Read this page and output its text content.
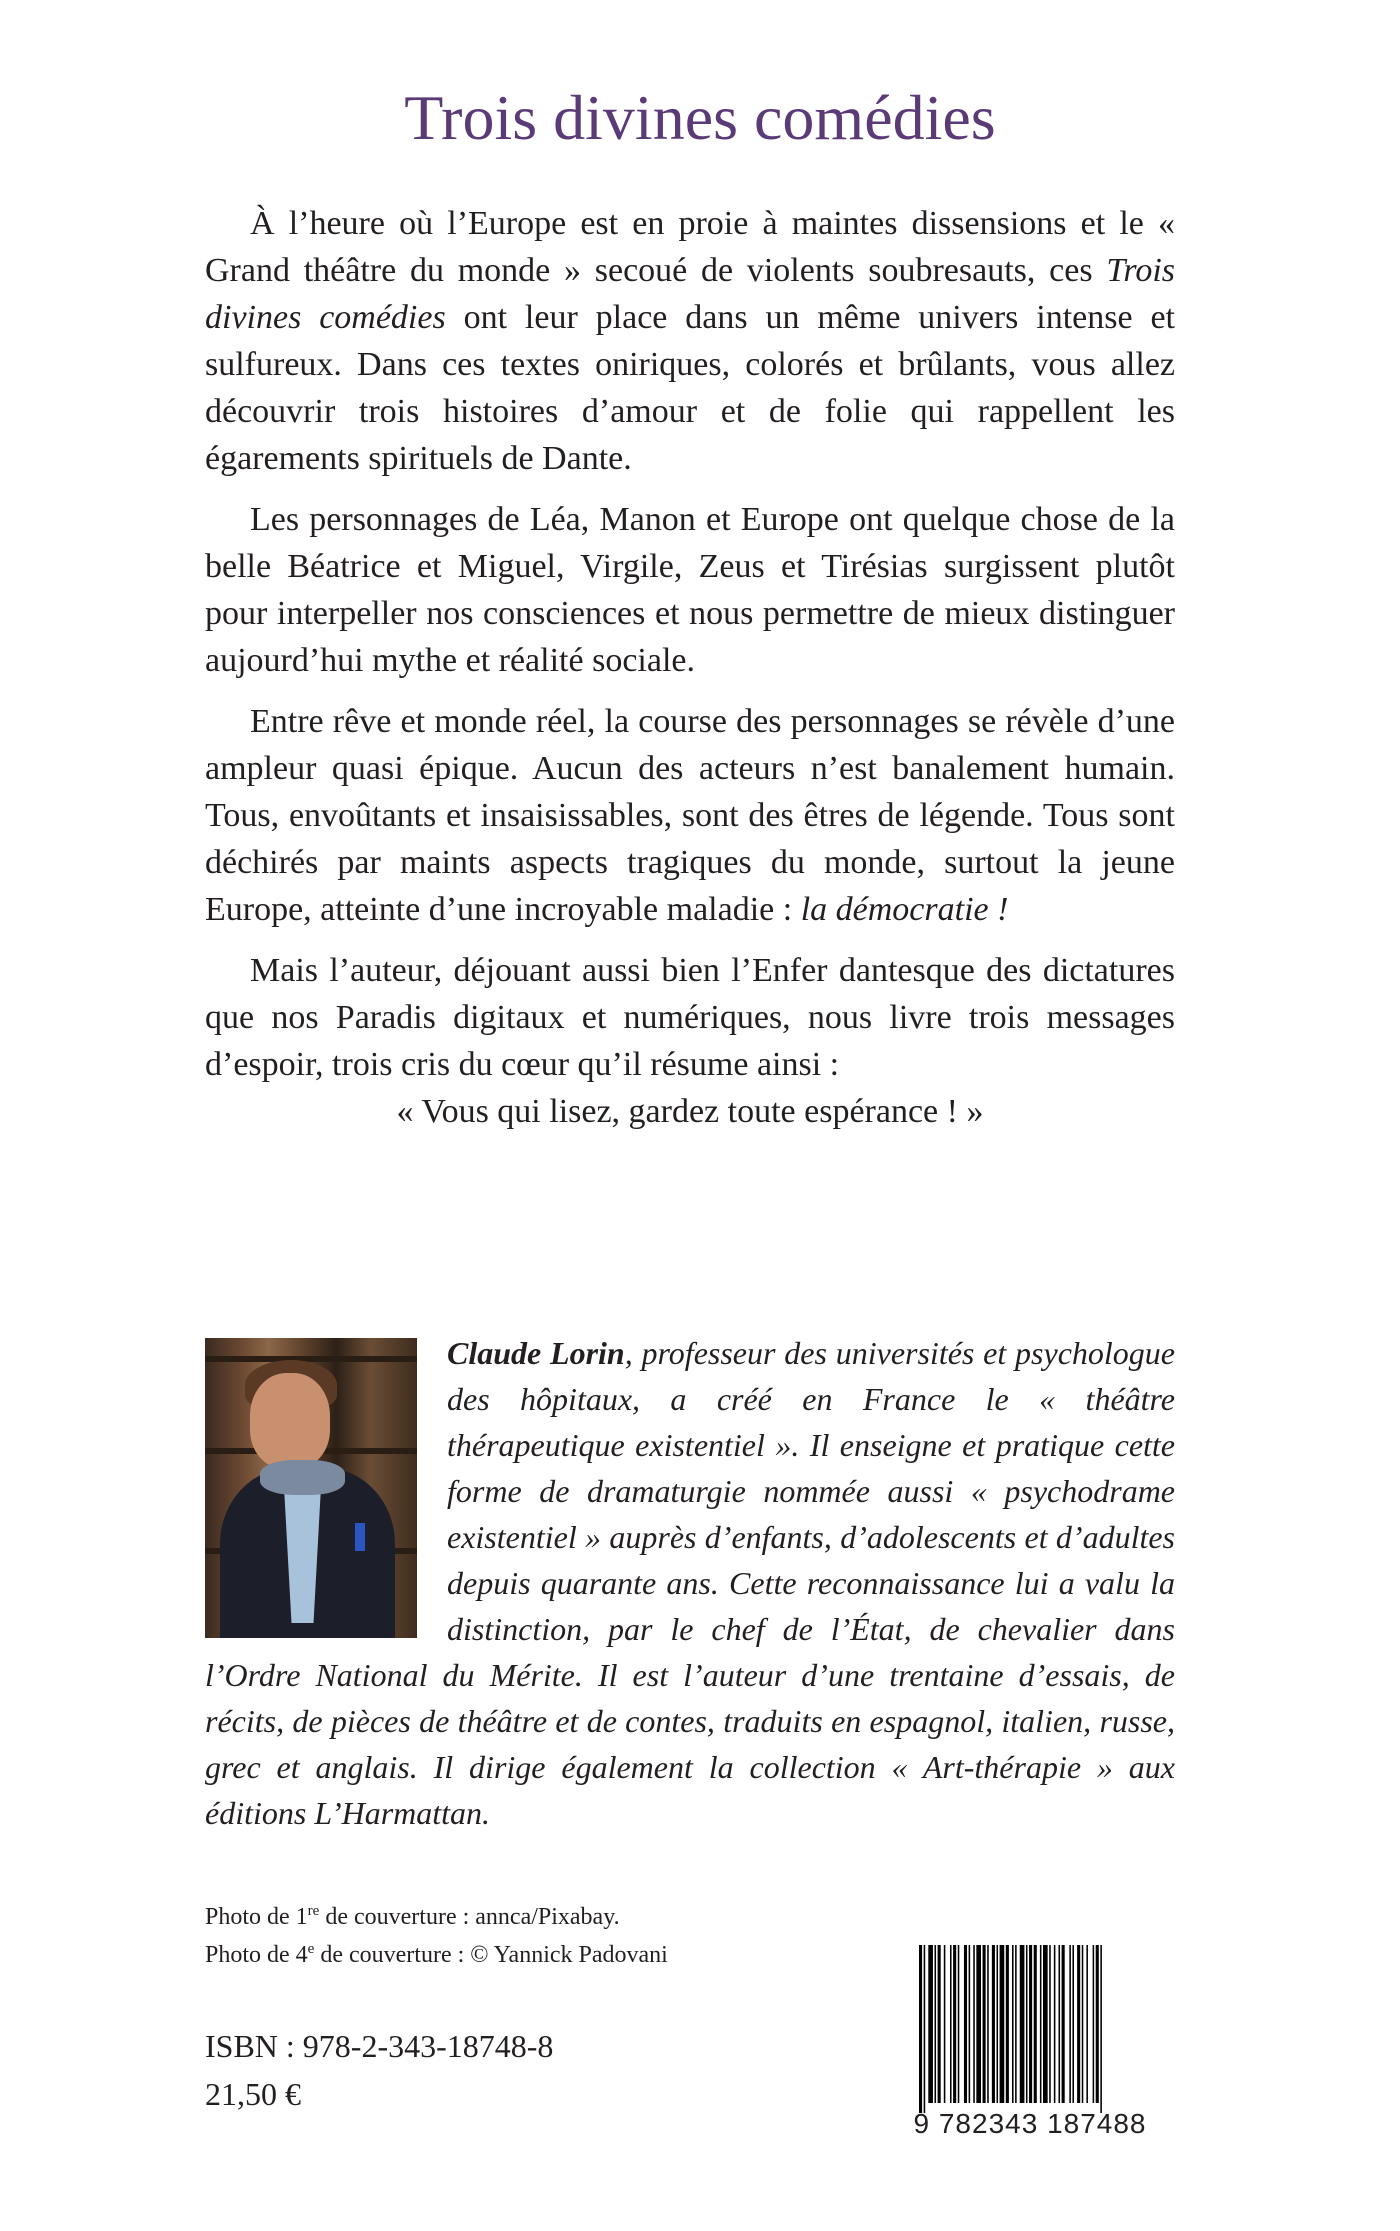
Trois divines comédies

À l’heure où l’Europe est en proie à maintes dissensions et le « Grand théâtre du monde » secoué de violents soubresauts, ces Trois divines comédies ont leur place dans un même univers intense et sulfureux. Dans ces textes oniriques, colorés et brûlants, vous allez découvrir trois histoires d’amour et de folie qui rappellent les égarements spirituels de Dante.

Les personnages de Léa, Manon et Europe ont quelque chose de la belle Béatrice et Miguel, Virgile, Zeus et Tirésias surgissent plutôt pour interpeller nos consciences et nous permettre de mieux distinguer aujourd’hui mythe et réalité sociale.

Entre rêve et monde réel, la course des personnages se révèle d’une ampleur quasi épique. Aucun des acteurs n’est banalement humain. Tous, envoûtants et insaisissables, sont des êtres de légende. Tous sont déchirés par maints aspects tragiques du monde, surtout la jeune Europe, atteinte d’une incroyable maladie : la démocratie !

Mais l’auteur, déjouant aussi bien l’Enfer dantesque des dictatures que nos Paradis digitaux et numériques, nous livre trois messages d’espoir, trois cris du cœur qu’il résume ainsi :

« Vous qui lisez, gardez toute espérance ! »

Claude Lorin, professeur des universités et psychologue des hôpitaux, a créé en France le « théâtre thérapeutique existentiel ». Il enseigne et pratique cette forme de dramaturgie nommée aussi « psychodrame existentiel » auprès d’enfants, d’adolescents et d’adultes depuis quarante ans. Cette reconnaissance lui a valu la distinction, par le chef de l’État, de chevalier dans l’Ordre National du Mérite. Il est l’auteur d’une trentaine d’essais, de récits, de pièces de théâtre et de contes, traduits en espagnol, italien, russe, grec et anglais. Il dirige également la collection « Art-thérapie » aux éditions L’Harmattan.
Photo de 1re de couverture : annca/Pixabay.
Photo de 4e de couverture : © Yannick Padovani
ISBN : 978-2-343-18748-8
21,50 €
9 782343 187488
